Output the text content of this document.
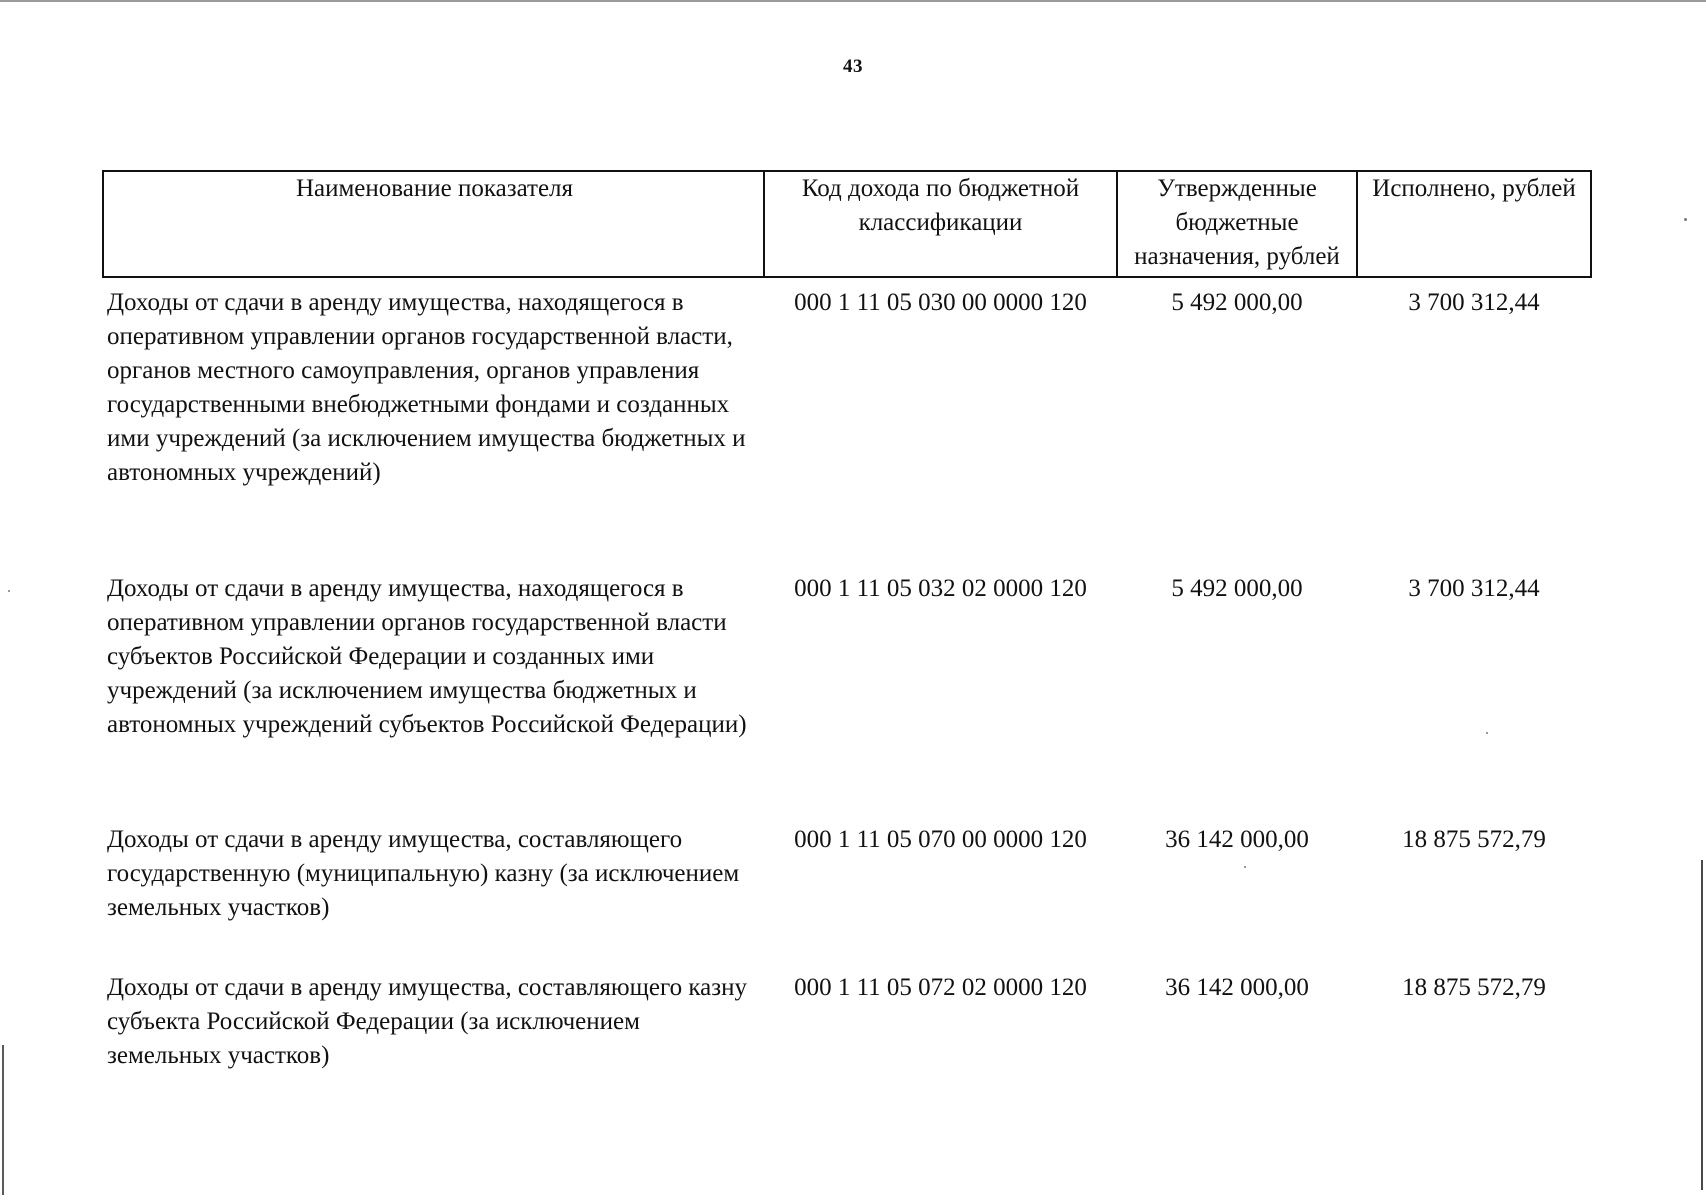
43
Наименование показателя	Код дохода по бюджетной классификации	Утвержденные бюджетные назначения, рублей	Исполнено, рублей
Доходы от сдачи в аренду имущества, находящегося в оперативном управлении органов государственной власти, органов местного самоуправления, органов управления государственными внебюджетными фондами и созданных ими учреждений (за исключением имущества бюджетных и автономных учреждений)	000 1 11 05 030 00 0000 120	5 492 000,00	3 700 312,44
Доходы от сдачи в аренду имущества, находящегося в оперативном управлении органов государственной власти субъектов Российской Федерации и созданных ими учреждений (за исключением имущества бюджетных и автономных учреждений субъектов Российской Федерации)	000 1 11 05 032 02 0000 120	5 492 000,00	3 700 312,44
Доходы от сдачи в аренду имущества, составляющего государственную (муниципальную) казну (за исключением земельных участков)	000 1 11 05 070 00 0000 120	36 142 000,00	18 875 572,79
Доходы от сдачи в аренду имущества, составляющего казну субъекта Российской Федерации (за исключением земельных участков)	000 1 11 05 072 02 0000 120	36 142 000,00	18 875 572,79
